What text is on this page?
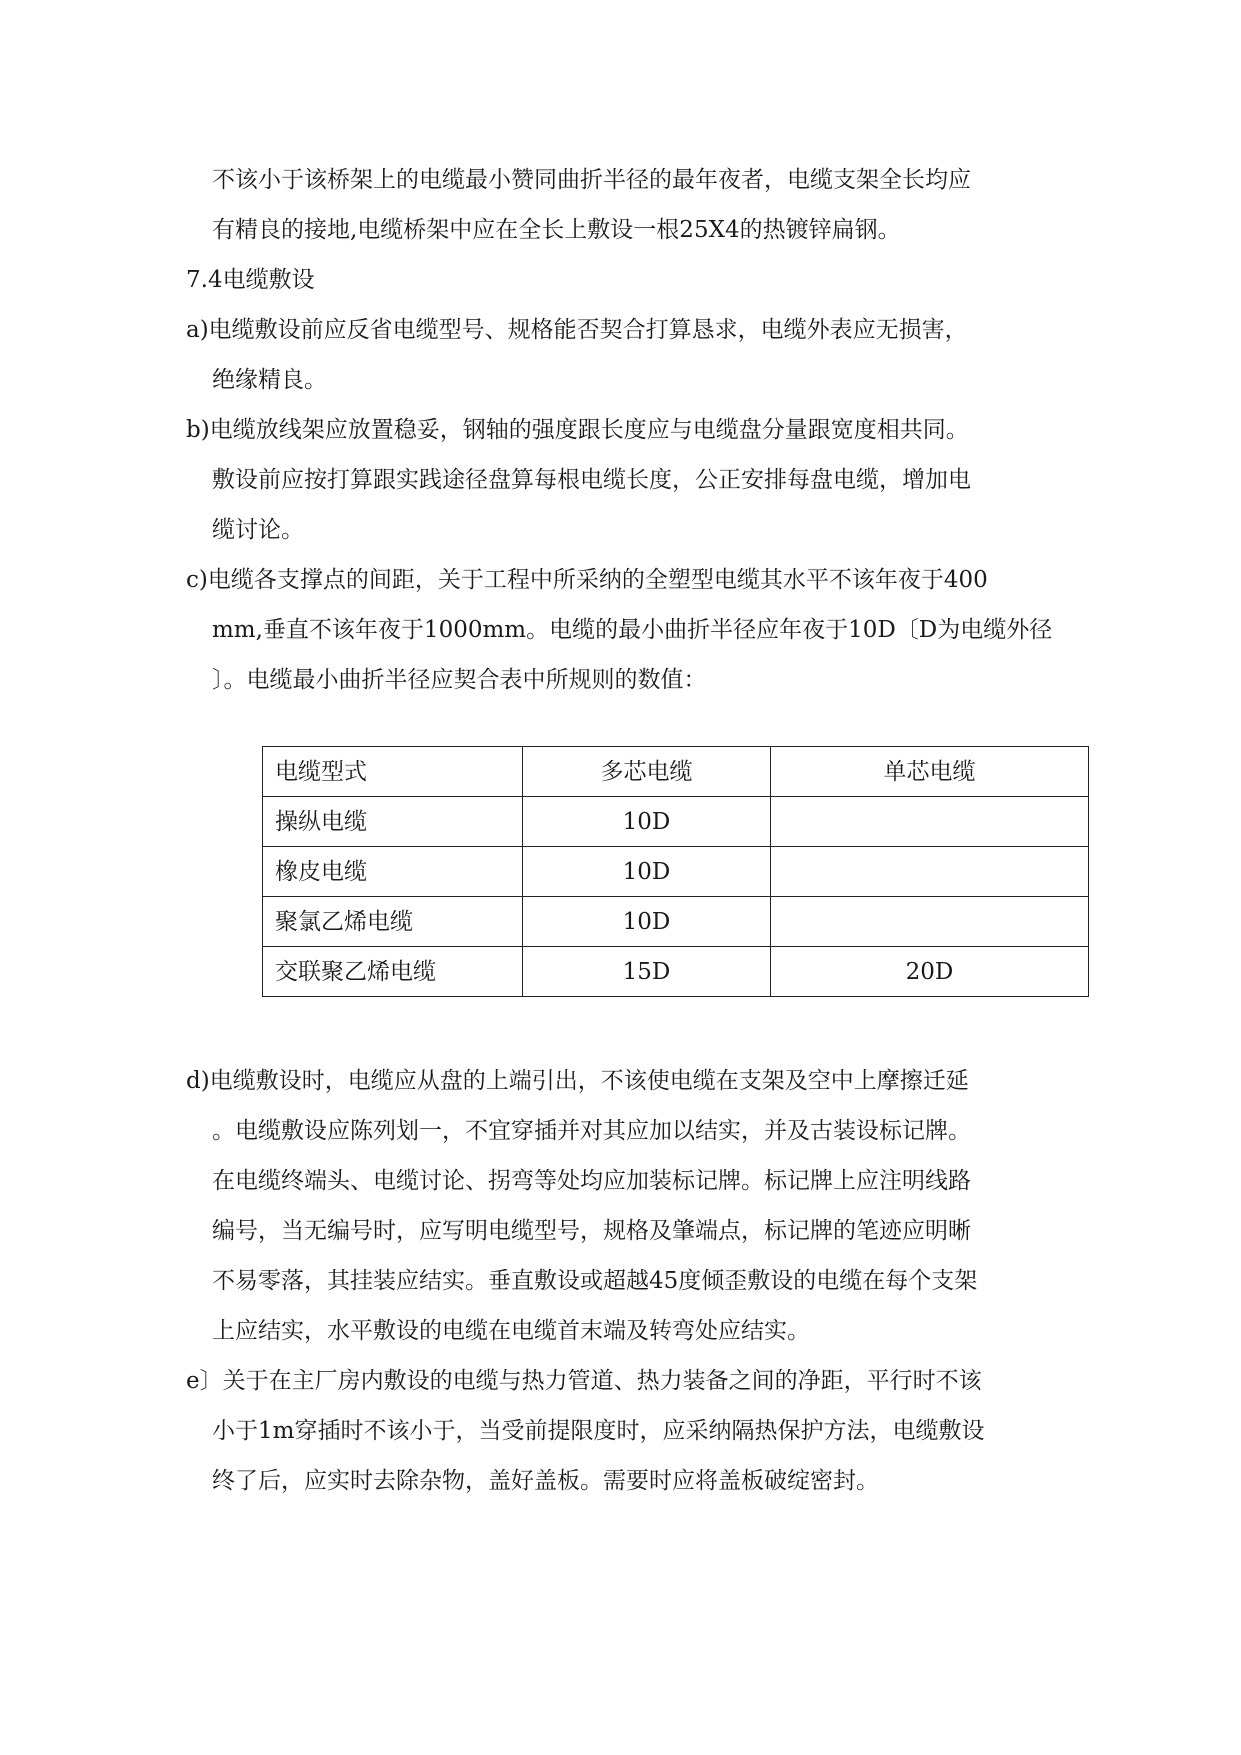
不该小于该桥架上的电缆最小赞同曲折半径的最年夜者，电缆支架全长均应
有精良的接地,电缆桥架中应在全长上敷设一根25X4的热镀锌扁钢。
7.4电缆敷设
a)电缆敷设前应反省电缆型号、规格能否契合打算恳求，电缆外表应无损害，
绝缘精良。
b)电缆放线架应放置稳妥，钢轴的强度跟长度应与电缆盘分量跟宽度相共同。
敷设前应按打算跟实践途径盘算每根电缆长度，公正安排每盘电缆，增加电
缆讨论。
c)电缆各支撑点的间距，关于工程中所采纳的全塑型电缆其水平不该年夜于400
mm,垂直不该年夜于1000mm。电缆的最小曲折半径应年夜于10D〔D为电缆外径
〕。电缆最小曲折半径应契合表中所规则的数值：
电缆型式	多芯电缆	单芯电缆
操纵电缆	10D	
橡皮电缆	10D	
聚氯乙烯电缆	10D	
交联聚乙烯电缆	15D	20D
d)电缆敷设时，电缆应从盘的上端引出，不该使电缆在支架及空中上摩擦迁延
。电缆敷设应陈列划一，不宜穿插并对其应加以结实，并及古装设标记牌。
在电缆终端头、电缆讨论、拐弯等处均应加装标记牌。标记牌上应注明线路
编号，当无编号时，应写明电缆型号，规格及肇端点，标记牌的笔迹应明晰
不易零落，其挂装应结实。垂直敷设或超越45度倾歪敷设的电缆在每个支架
上应结实，水平敷设的电缆在电缆首末端及转弯处应结实。
e〕关于在主厂房内敷设的电缆与热力管道、热力装备之间的净距，平行时不该
小于1m穿插时不该小于，当受前提限度时，应采纳隔热保护方法，电缆敷设
终了后，应实时去除杂物，盖好盖板。需要时应将盖板破绽密封。
